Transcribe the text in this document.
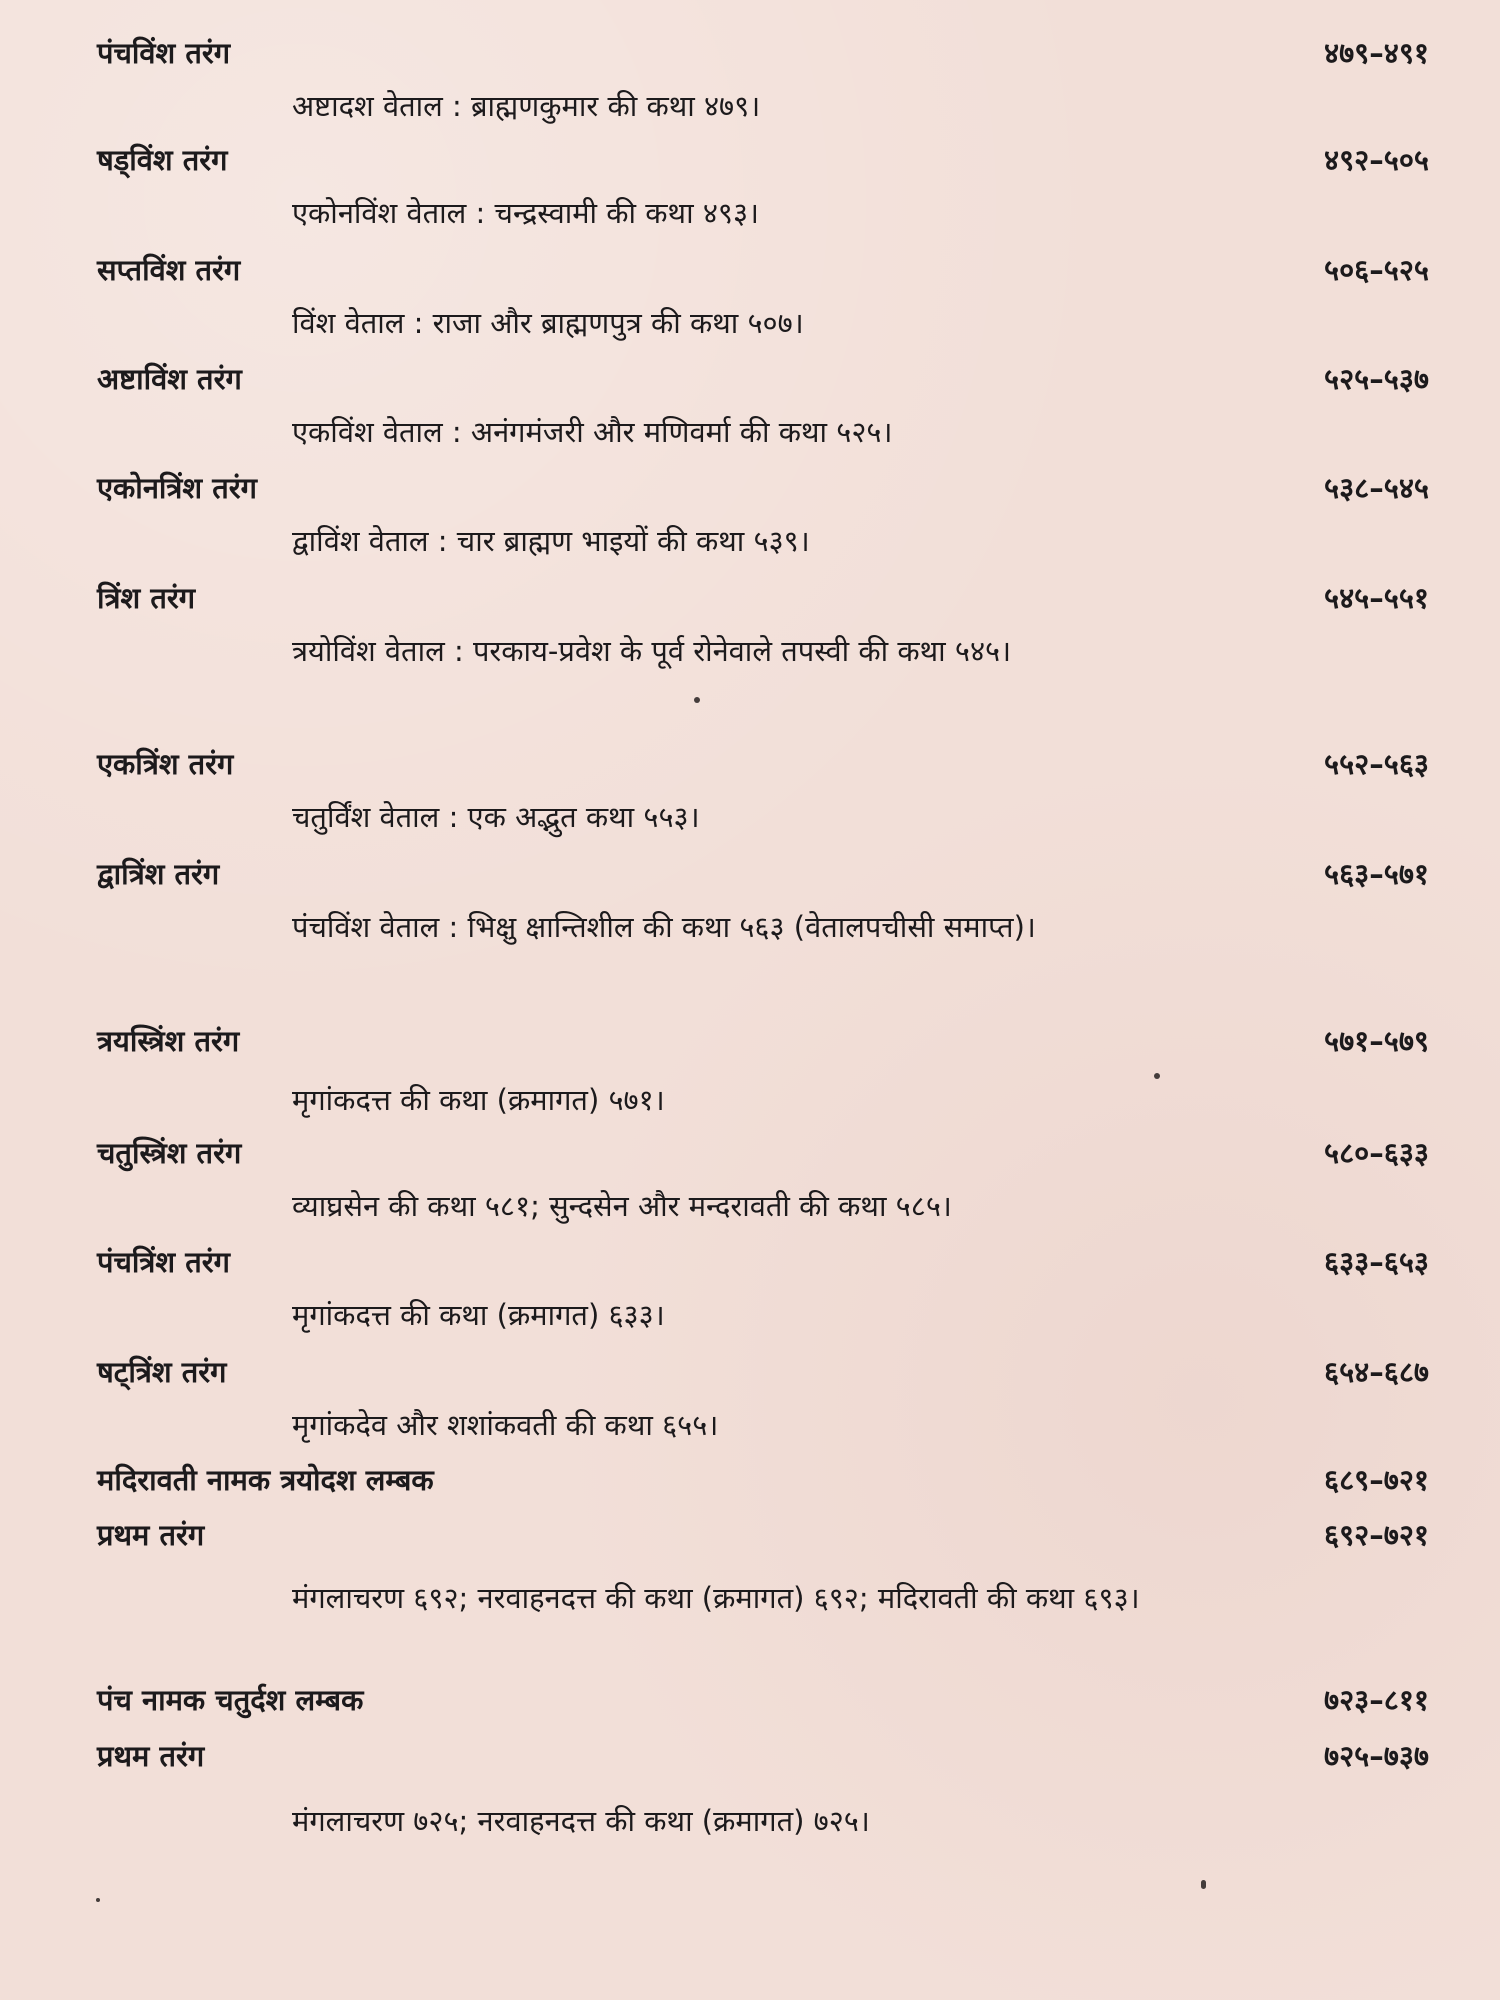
पंचविंश तरंग	४७९–४९१
अष्टादश वेताल : ब्राह्मणकुमार की कथा ४७९।
षड्विंश तरंग	४९२–५०५
एकोनविंश वेताल : चन्द्रस्वामी की कथा ४९३।
सप्तविंश तरंग	५०६–५२५
विंश वेताल : राजा और ब्राह्मणपुत्र की कथा ५०७।
अष्टाविंश तरंग	५२५–५३७
एकविंश वेताल : अनंगमंजरी और मणिवर्मा की कथा ५२५।
एकोनत्रिंश तरंग	५३८–५४५
द्वाविंश वेताल : चार ब्राह्मण भाइयों की कथा ५३९।
त्रिंश तरंग	५४५–५५१
त्रयोविंश वेताल : परकाय-प्रवेश के पूर्व रोनेवाले तपस्वी की कथा ५४५।
एकत्रिंश तरंग	५५२–५६३
चतुर्विंश वेताल : एक अद्भुत कथा ५५३।
द्वात्रिंश तरंग	५६३–५७१
पंचविंश वेताल : भिक्षु क्षान्तिशील की कथा ५६३ (वेतालपचीसी समाप्त)।
त्रयस्त्रिंश तरंग	५७१–५७९
मृगांकदत्त की कथा (क्रमागत) ५७१।
चतुस्त्रिंश तरंग	५८०–६३३
व्याघ्रसेन की कथा ५८१; सुन्दसेन और मन्दरावती की कथा ५८५।
पंचत्रिंश तरंग	६३३–६५३
मृगांकदत्त की कथा (क्रमागत) ६३३।
षट्त्रिंश तरंग	६५४–६८७
मृगांकदेव और शशांकवती की कथा ६५५।
मदिरावती नामक त्रयोदश लम्बक	६८९–७२१
प्रथम तरंग	६९२–७२१
मंगलाचरण ६९२; नरवाहनदत्त की कथा (क्रमागत) ६९२; मदिरावती की कथा ६९३।
पंच नामक चतुर्दश लम्बक	७२३–८११
प्रथम तरंग	७२५–७३७
मंगलाचरण ७२५; नरवाहनदत्त की कथा (क्रमागत) ७२५।
